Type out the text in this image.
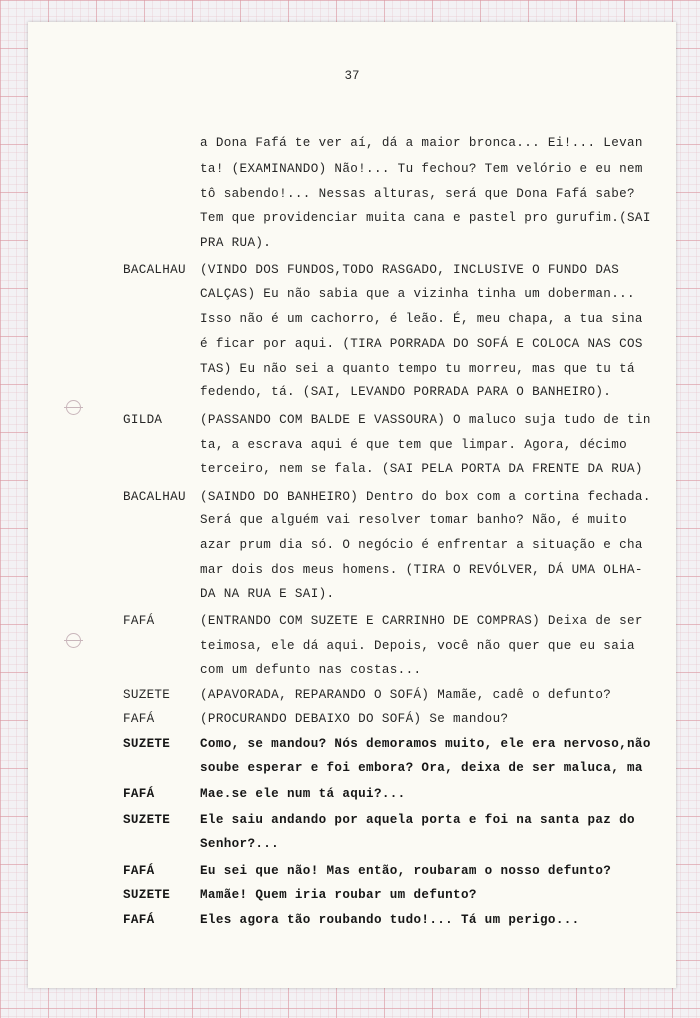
37
a Dona Fafá te ver aí, dá a maior bronca... Ei!... Levan
ta! (EXAMINANDO) Não!... Tu fechou? Tem velório e eu nem
tô sabendo!... Nessas alturas, será que Dona Fafá sabe?
Tem que providenciar muita cana e pastel pro gurufim.(SAI
PRA RUA).
BACALHAU (VINDO DOS FUNDOS,TODO RASGADO, INCLUSIVE O FUNDO DAS
CALÇAS) Eu não sabia que a vizinha tinha um doberman...
Isso não é um cachorro, é leão. É, meu chapa, a tua sina
é ficar por aqui. (TIRA PORRADA DO SOFÁ E COLOCA NAS COS
TAS) Eu não sei a quanto tempo tu morreu, mas que tu tá
fedendo, tá. (SAI, LEVANDO PORRADA PARA O BANHEIRO).
GILDA	(PASSANDO COM BALDE E VASSOURA) O maluco suja tudo de tin
ta, a escrava aqui é que tem que limpar. Agora, décimo
terceiro, nem se fala. (SAI PELA PORTA DA FRENTE DA RUA)
BACALHAU (SAINDO DO BANHEIRO) Dentro do box com a cortina fechada.
Será que alguém vai resolver tomar banho? Não, é muito
azar prum dia só. O negócio é enfrentar a situação e cha
mar dois dos meus homens. (TIRA O REVÓLVER, DÁ UMA OLHA-
DA NA RUA E SAI).
FAFÁ	(ENTRANDO COM SUZETE E CARRINHO DE COMPRAS) Deixa de ser
teimosa, ele dá aqui. Depois, você não quer que eu saia
com um defunto nas costas...
SUZETE (APAVORADA, REPARANDO O SOFÁ) Mamãe, cadê o defunto?
FAFÁ	(PROCURANDO DEBAIXO DO SOFÁ) Se mandou?
SUZETE Como, se mandou? Nós demoramos muito, ele era nervoso,não
soube esperar e foi embora? Ora, deixa de ser maluca, ma
FAFÁ	Mae.se ele num tá aqui?...
SUZETE Ele saiu andando por aquela porta e foi na santa paz do
Senhor?...
FAFÁ	Eu sei que não! Mas então, roubaram o nosso defunto?
SUZETE Mamãe! Quem iria roubar um defunto?
FAFÁ	Eles agora tão roubando tudo!... Tá um perigo...
